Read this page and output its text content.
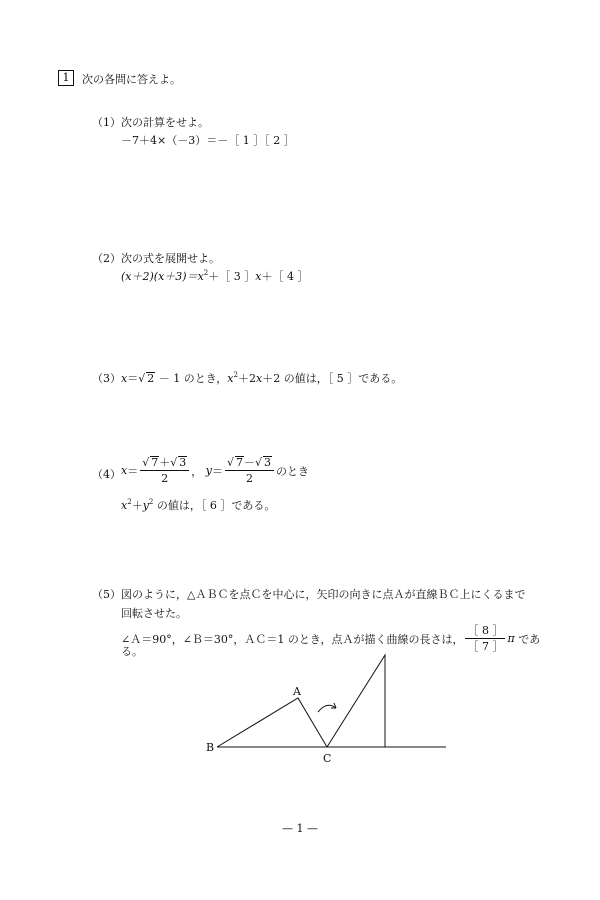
1	次の各問に答えよ。
（1） 次の計算をせよ。
－7＋4×（－3）＝－［ 1 ］［ 2 ］
（2） 次の式を展開せよ。
$(x+2)(x+3)=x^2+[$ 3 ］x＋［ 4 ］
（3） x＝√ 2 － 1 のとき，$x^2+2x+2$ の値は，［ 5 ］である。
（4） $x = \frac{√ 7+√ 3}{2}$ ，
$y = \frac{√ 7-√ 3}{2}$ のとき
$x^2+y^2$ の値は，［ 6 ］である。
（5） 図のように，△ＡＢＣを点Ｃを中心に，矢印の向きに点Ａが直線ＢＣ上にくるまで
回転させた。
∠Ａ＝90°，∠Ｂ＝30°，ＡＣ＝1 のとき，点Ａが描く曲線の長さは， $\frac{[ 8 ]}{[ 7 ]}$ π
であ
る。
A
B
C
— 1 —
